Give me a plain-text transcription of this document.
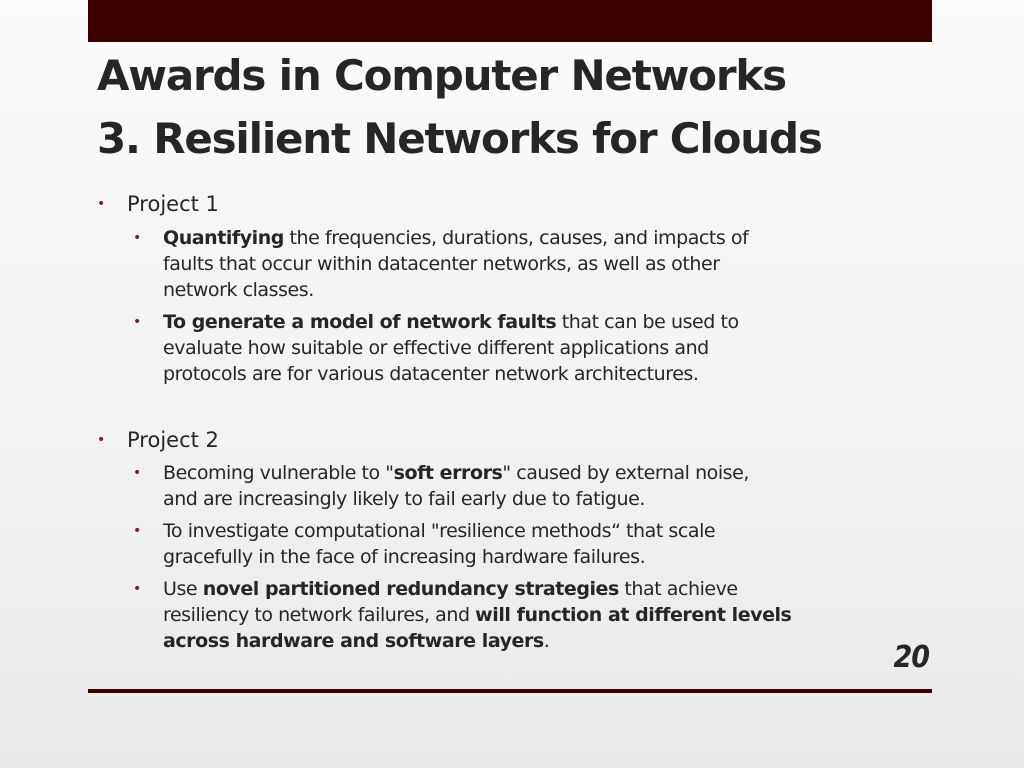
Awards in Computer Networks
3. Resilient Networks for Clouds
• Project 1
• Quantifying the frequencies, durations, causes, and impacts of
faults that occur within datacenter networks, as well as other
network classes.
• To generate a model of network faults that can be used to
evaluate how suitable or effective different applications and
protocols are for various datacenter network architectures.
• Project 2
• Becoming vulnerable to "soft errors" caused by external noise,
and are increasingly likely to fail early due to fatigue.
• To investigate computational "resilience methods“ that scale
gracefully in the face of increasing hardware failures.
• Use novel partitioned redundancy strategies that achieve
resiliency to network failures, and will function at different levels
across hardware and software layers.	20
